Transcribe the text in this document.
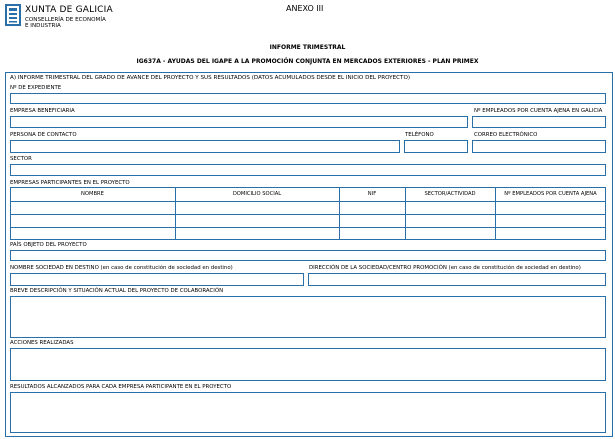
XUNTA DE GALICIA
CONSELLERÍA DE ECONOMÍA
E INDUSTRIA
ANEXO III
INFORME TRIMESTRAL
IG637A - AYUDAS DEL IGAPE A LA PROMOCIÓN CONJUNTA EN MERCADOS EXTERIORES - PLAN PRIMEX
A) INFORME TRIMESTRAL DEL GRADO DE AVANCE DEL PROYECTO Y SUS RESULTADOS (DATOS ACUMULADOS DESDE EL INICIO DEL PROYECTO)
Nº DE EXPEDIENTE
EMPRESA BENEFICIARIA	Nº EMPLEADOS POR CUENTA AJENA EN GALICIA
PERSONA DE CONTACTO	TELÉFONO	CORREO ELECTRÓNICO
SECTOR
EMPRESAS PARTICIPANTES EN EL PROYECTO
NOMBRE	DOMICILIO SOCIAL	NIF	SECTOR/ACTIVIDAD	Nº EMPLEADOS POR CUENTA AJENA
PAÍS OBJETO DEL PROYECTO
NOMBRE SOCIEDAD EN DESTINO (en caso de constitución de sociedad en destino)	DIRECCIÓN DE LA SOCIEDAD/CENTRO PROMOCIÓN (en caso de constitución de sociedad en destino)
BREVE DESCRIPCIÓN Y SITUACIÓN ACTUAL DEL PROYECTO DE COLABORACIÓN
ACCIONES REALIZADAS
RESULTADOS ALCANZADOS PARA CADA EMPRESA PARTICIPANTE EN EL PROYECTO
